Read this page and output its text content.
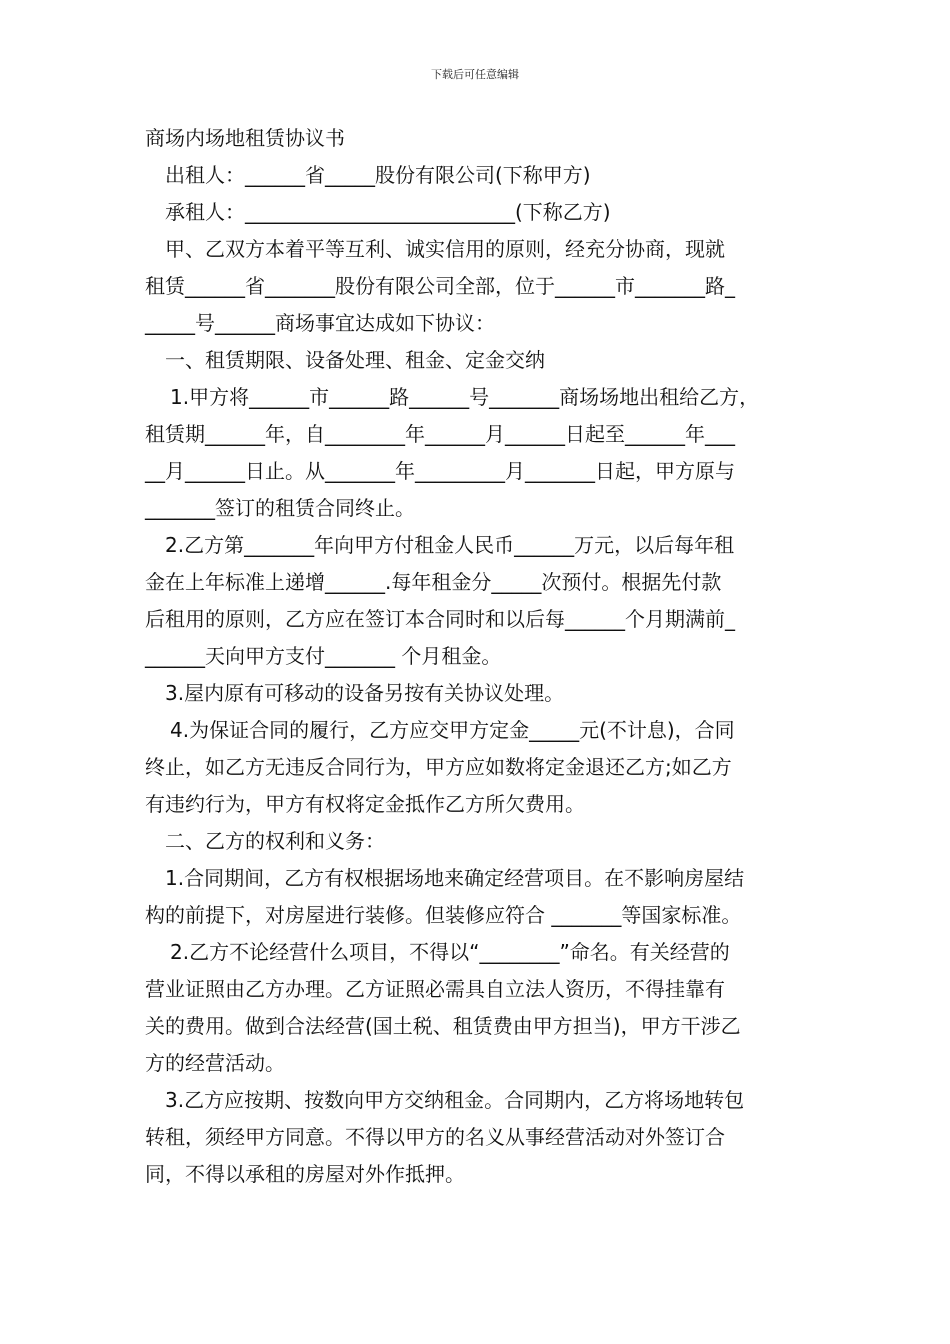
下载后可任意编辑
商场内场地租赁协议书
出租人：______省_____股份有限公司(下称甲方)
承租人：___________________________(下称乙方)
甲、乙双方本着平等互利、诚实信用的原则，经充分协商，现就
租赁______省_______股份有限公司全部，位于______市_______路_
_____号______商场事宜达成如下协议：
一、租赁期限、设备处理、租金、定金交纳
1.甲方将______市______路______号_______商场场地出租给乙方，
租赁期______年，自________年______月______日起至______年___
__月______日止。从_______年_________月_______日起，甲方原与
_______签订的租赁合同终止。
2.乙方第_______年向甲方付租金人民币______万元，以后每年租
金在上年标准上递增______.每年租金分_____次预付。根据先付款
后租用的原则，乙方应在签订本合同时和以后每______个月期满前_
______天向甲方支付_______ 个月租金。
3.屋内原有可移动的设备另按有关协议处理。
4.为保证合同的履行，乙方应交甲方定金_____元(不计息)，合同
终止，如乙方无违反合同行为，甲方应如数将定金退还乙方;如乙方
有违约行为，甲方有权将定金抵作乙方所欠费用。
二、乙方的权利和义务：
1.合同期间，乙方有权根据场地来确定经营项目。在不影响房屋结
构的前提下，对房屋进行装修。但装修应符合 _______等国家标准。
2.乙方不论经营什么项目，不得以“________”命名。有关经营的
营业证照由乙方办理。乙方证照必需具自立法人资历，不得挂靠有
关的费用。做到合法经营(国土税、租赁费由甲方担当)，甲方干涉乙
方的经营活动。
3.乙方应按期、按数向甲方交纳租金。合同期内，乙方将场地转包
转租，须经甲方同意。不得以甲方的名义从事经营活动对外签订合
同，不得以承租的房屋对外作抵押。
